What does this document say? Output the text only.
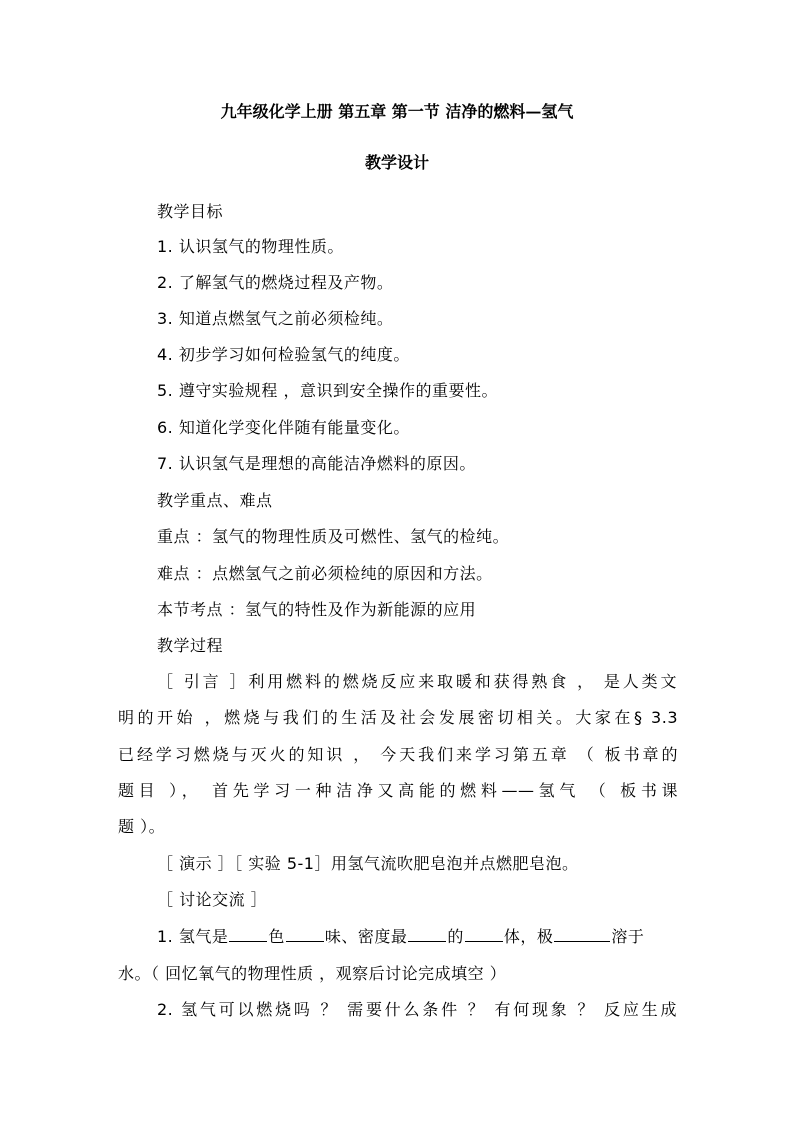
九年级化学上册 第五章 第一节 洁净的燃料—氢气
教学设计
教学目标
1. 认识氢气的物理性质。
2. 了解氢气的燃烧过程及产物。
3. 知道点燃氢气之前必须检纯。
4. 初步学习如何检验氢气的纯度。
5. 遵守实验规程 ，意识到安全操作的重要性。
6. 知道化学变化伴随有能量变化。
7. 认识氢气是理想的高能洁净燃料的原因。
教学重点、难点
重点 ：氢气的物理性质及可燃性、氢气的检纯。
难点 ：点燃氢气之前必须检纯的原因和方法。
本节考点 ：氢气的特性及作为新能源的应用
教学过程
［ 引言 ］利用燃料的燃烧反应来取暖和获得熟食 ， 是人类文
明的开始 ，燃烧与我们的生活及社会发展密切相关。大家在§ 3.3
已经学习燃烧与灭火的知识 ， 今天我们来学习第五章 （ 板书章的
题目 ）， 首先学习一种洁净又高能的燃料——氢气 （ 板书课
题 ）。
［ 演示 ］［ 实验 5-1］用氢气流吹肥皂泡并点燃肥皂泡。
［ 讨论交流 ］
1. 氢气是	色	味、密度最	的	体，极	溶于
水。（ 回忆氧气的物理性质 ，观察后讨论完成填空 ）
2. 氢气可以燃烧吗 ？ 需要什么条件 ？ 有何现象 ？ 反应生成
